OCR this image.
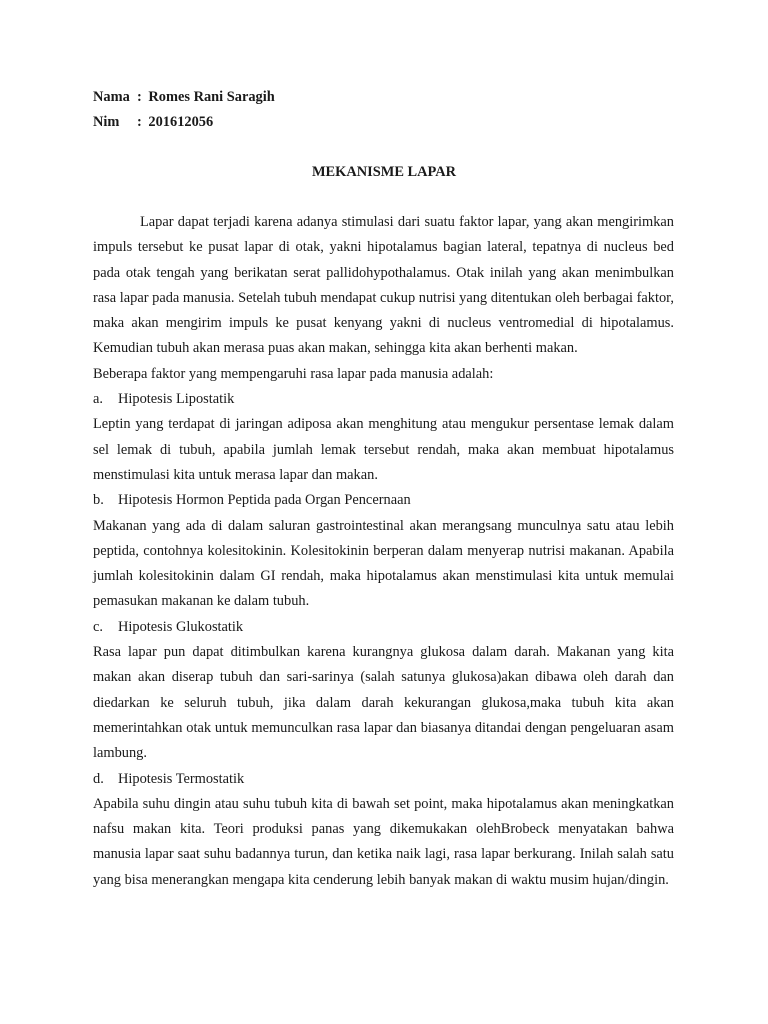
Nama : Romes Rani Saragih
Nim : 201612056
MEKANISME LAPAR

Lapar dapat terjadi karena adanya stimulasi dari suatu faktor lapar, yang akan mengirimkan impuls tersebut ke pusat lapar di otak, yakni hipotalamus bagian lateral, tepatnya di nucleus bed pada otak tengah yang berikatan serat pallidohypothalamus. Otak inilah yang akan menimbulkan rasa lapar pada manusia. Setelah tubuh mendapat cukup nutrisi yang ditentukan oleh berbagai faktor, maka akan mengirim impuls ke pusat kenyang yakni di nucleus ventromedial di hipotalamus. Kemudian tubuh akan merasa puas akan makan, sehingga kita akan berhenti makan.

Beberapa faktor yang mempengaruhi rasa lapar pada manusia adalah:

a.	Hipotesis Lipostatik

Leptin yang terdapat di jaringan adiposa akan menghitung atau mengukur persentase lemak dalam sel lemak di tubuh, apabila jumlah lemak tersebut rendah, maka akan membuat hipotalamus menstimulasi kita untuk merasa lapar dan makan.

b. Hipotesis Hormon Peptida pada Organ Pencernaan

Makanan yang ada di dalam saluran gastrointestinal akan merangsang munculnya satu atau lebih peptida, contohnya kolesitokinin. Kolesitokinin berperan dalam menyerap nutrisi makanan. Apabila jumlah kolesitokinin dalam GI rendah, maka hipotalamus akan menstimulasi kita untuk memulai pemasukan makanan ke dalam tubuh.

c.	Hipotesis Glukostatik

Rasa lapar pun dapat ditimbulkan karena kurangnya glukosa dalam darah. Makanan yang kita makan akan diserap tubuh dan sari-sarinya (salah satunya glukosa)akan dibawa oleh darah dan diedarkan ke seluruh tubuh, jika dalam darah kekurangan glukosa,maka tubuh kita akan memerintahkan otak untuk memunculkan rasa lapar dan biasanya ditandai dengan pengeluaran asam lambung.

d. Hipotesis Termostatik

Apabila suhu dingin atau suhu tubuh kita di bawah set point, maka hipotalamus akan meningkatkan nafsu makan kita. Teori produksi panas yang dikemukakan olehBrobeck menyatakan bahwa manusia lapar saat suhu badannya turun, dan ketika naik lagi, rasa lapar berkurang. Inilah salah satu yang bisa menerangkan mengapa kita cenderung lebih banyak makan di waktu musim hujan/dingin.
